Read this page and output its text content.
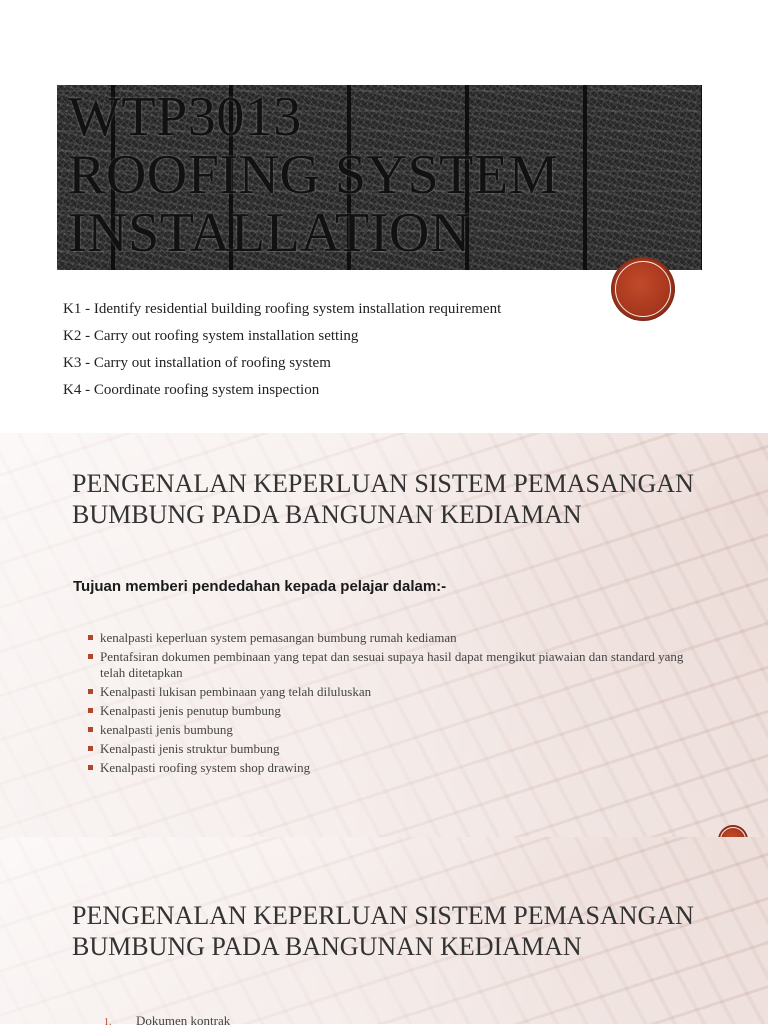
WTP3013
ROOFING SYSTEM
INSTALLATION
K1 - Identify residential building roofing system installation requirement
K2 - Carry out roofing system installation setting
K3 - Carry out installation of roofing system
K4 - Coordinate roofing system inspection
PENGENALAN KEPERLUAN SISTEM PEMASANGAN BUMBUNG PADA BANGUNAN KEDIAMAN

Tujuan memberi pendedahan kepada pelajar dalam:-

kenalpasti keperluan system pemasangan bumbung rumah kediaman
Pentafsiran dokumen pembinaan yang tepat dan sesuai supaya hasil dapat mengikut piawaian dan standard yang telah ditetapkan
Kenalpasti lukisan pembinaan yang telah diluluskan
Kenalpasti jenis penutup bumbung
kenalpasti jenis bumbung
Kenalpasti jenis struktur bumbung
Kenalpasti roofing system shop drawing
PENGENALAN KEPERLUAN SISTEM PEMASANGAN BUMBUNG PADA BANGUNAN KEDIAMAN
1. Dokumen kontrak
